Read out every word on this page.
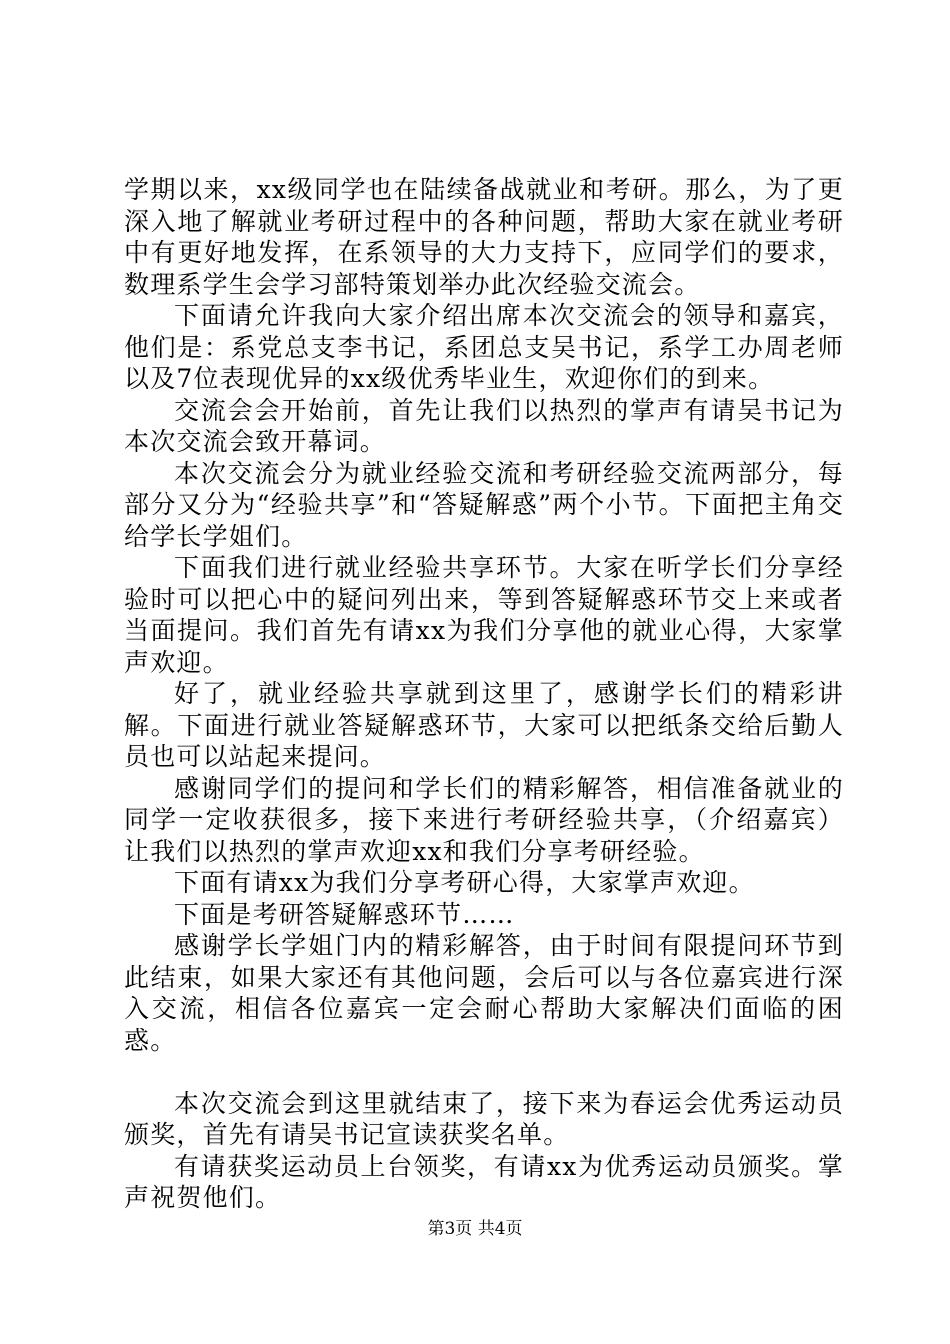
学期以来，xx级同学也在陆续备战就业和考研。那么，为了更深入地了解就业考研过程中的各种问题，帮助大家在就业考研中有更好地发挥，在系领导的大力支持下，应同学们的要求，数理系学生会学习部特策划举办此次经验交流会。

下面请允许我向大家介绍出席本次交流会的领导和嘉宾，他们是：系党总支李书记，系团总支吴书记，系学工办周老师以及7位表现优异的xx级优秀毕业生，欢迎你们的到来。

交流会会开始前，首先让我们以热烈的掌声有请吴书记为本次交流会致开幕词。

本次交流会分为就业经验交流和考研经验交流两部分，每部分又分为“经验共享”和“答疑解惑”两个小节。下面把主角交给学长学姐们。

下面我们进行就业经验共享环节。大家在听学长们分享经验时可以把心中的疑问列出来，等到答疑解惑环节交上来或者当面提问。我们首先有请xx为我们分享他的就业心得，大家掌声欢迎。

好了，就业经验共享就到这里了，感谢学长们的精彩讲解。下面进行就业答疑解惑环节，大家可以把纸条交给后勤人员也可以站起来提问。

感谢同学们的提问和学长们的精彩解答，相信准备就业的同学一定收获很多，接下来进行考研经验共享，（介绍嘉宾）让我们以热烈的掌声欢迎xx和我们分享考研经验。

下面有请xx为我们分享考研心得，大家掌声欢迎。

下面是考研答疑解惑环节……

感谢学长学姐门内的精彩解答，由于时间有限提问环节到此结束，如果大家还有其他问题，会后可以与各位嘉宾进行深入交流，相信各位嘉宾一定会耐心帮助大家解决们面临的困惑。

本次交流会到这里就结束了，接下来为春运会优秀运动员颁奖，首先有请吴书记宣读获奖名单。

有请获奖运动员上台领奖，有请xx为优秀运动员颁奖。掌声祝贺他们。

第3页 共4页
